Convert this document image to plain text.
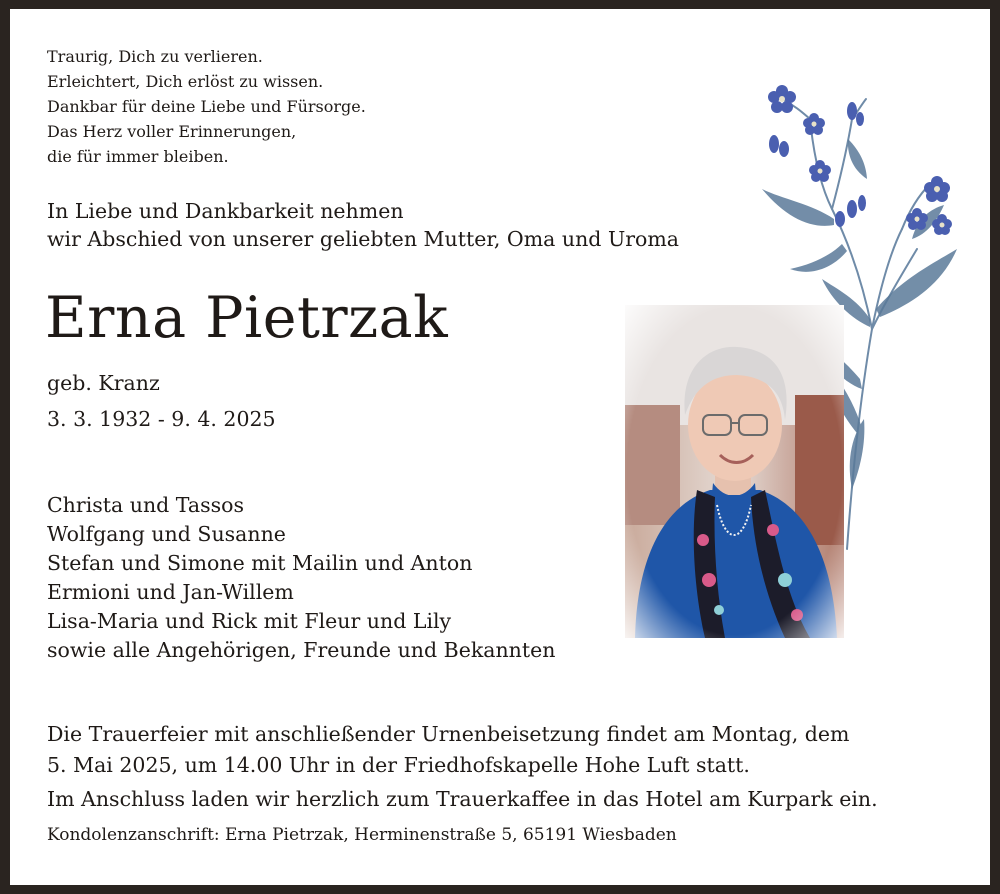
Traurig, Dich zu verlieren.
Erleichtert, Dich erlöst zu wissen.
Dankbar für deine Liebe und Fürsorge.
Das Herz voller Erinnerungen,
die für immer bleiben.
In Liebe und Dankbarkeit nehmen
wir Abschied von unserer geliebten Mutter, Oma und Uroma
Erna Pietrzak
geb. Kranz
3. 3. 1932 - 9. 4. 2025
Christa und Tassos
Wolfgang und Susanne
Stefan und Simone mit Mailin und Anton
Ermioni und Jan-Willem
Lisa-Maria und Rick mit Fleur und Lily
sowie alle Angehörigen, Freunde und Bekannten
Die Trauerfeier mit anschließender Urnenbeisetzung findet am Montag, dem
5. Mai 2025, um 14.00 Uhr in der Friedhofskapelle Hohe Luft statt.
Im Anschluss laden wir herzlich zum Trauerkaffee in das Hotel am Kurpark ein.
Kondolenzanschrift: Erna Pietrzak, Herminenstraße 5, 65191 Wiesbaden
